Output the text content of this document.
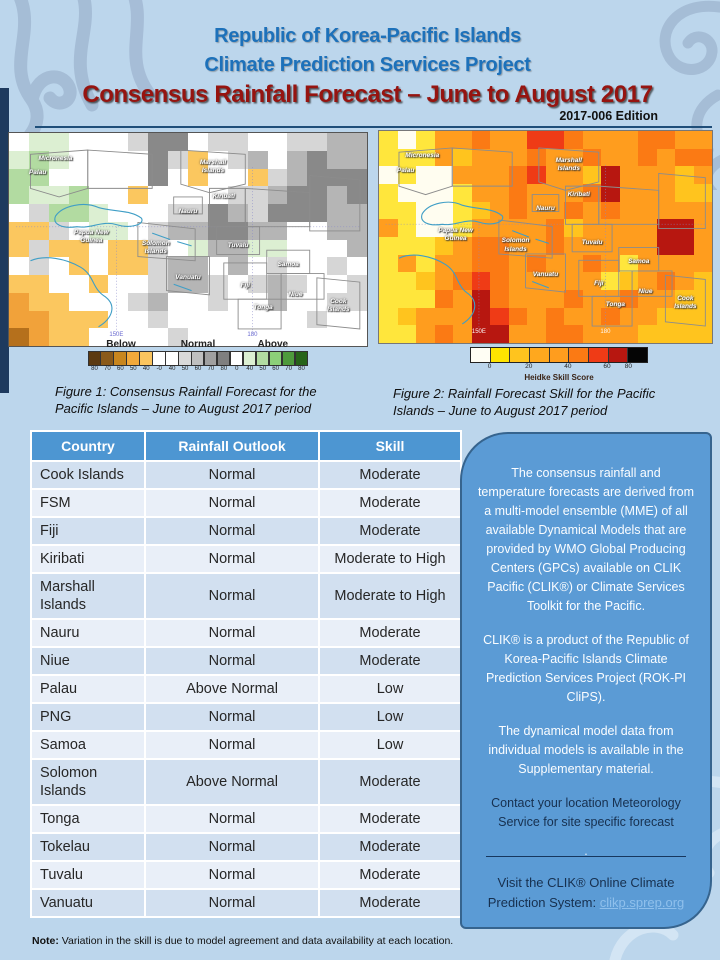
Republic of Korea-Pacific Islands
Climate Prediction Services Project
Consensus Rainfall Forecast – June to August 2017
2017-006 Edition
Micronesia
Palau
Marshall
Islands
Kiribati
Nauru
Papua New
Guinea	Solomon
Islands
Tuvalu
Vanuatu
Samoa
Fiji
Niue
Tonga
Cook Islands
150E	180
Below	Normal	Above
80 70 60 50 40 -0 40 50 60 70 80 0 40 50 60 70 80
Figure 1: Consensus Rainfall Forecast for the Pacific Islands – June to August 2017 period
Micronesia
Palau
Marshall
Islands
Kiribati
Nauru
Papua New
Guinea	Solomon
Islands
Tuvalu
Vanuatu
Samoa
Fiji
Niue
Tonga
Cook Islands
150E	180
0	20	40	60 80
Heidke Skill Score
Figure 2: Rainfall Forecast Skill for the Pacific Islands – June to August 2017 period
Country	Rainfall Outlook	Skill
Cook Islands	Normal	Moderate
FSM	Normal	Moderate
Fiji	Normal	Moderate
Kiribati	Normal	Moderate to High
Marshall Islands	Normal	Moderate to High
Nauru	Normal	Moderate
Niue	Normal	Moderate
Palau	Above Normal	Low
PNG	Normal	Low
Samoa	Normal	Low
Solomon Islands	Above Normal	Moderate
Tonga	Normal	Moderate
Tokelau	Normal	Moderate
Tuvalu	Normal	Moderate
Vanuatu	Normal	Moderate
Note: Variation in the skill is due to model agreement and data availability at each location.
The consensus rainfall and temperature forecasts are derived from a multi-model ensemble (MME) of all available Dynamical Models that are provided by WMO Global Producing Centers (GPCs) available on CLIK Pacific (CLIK®) or Climate Services Toolkit for the Pacific.
CLIK® is a product of the Republic of Korea-Pacific Islands Climate Prediction Services Project (ROK-PI CliPS).
The dynamical model data from individual models is available in the Supplementary material.
Contact your location Meteorology Service for site specific forecast
.
Visit the CLIK® Online Climate Prediction System: clikp.sprep.org
